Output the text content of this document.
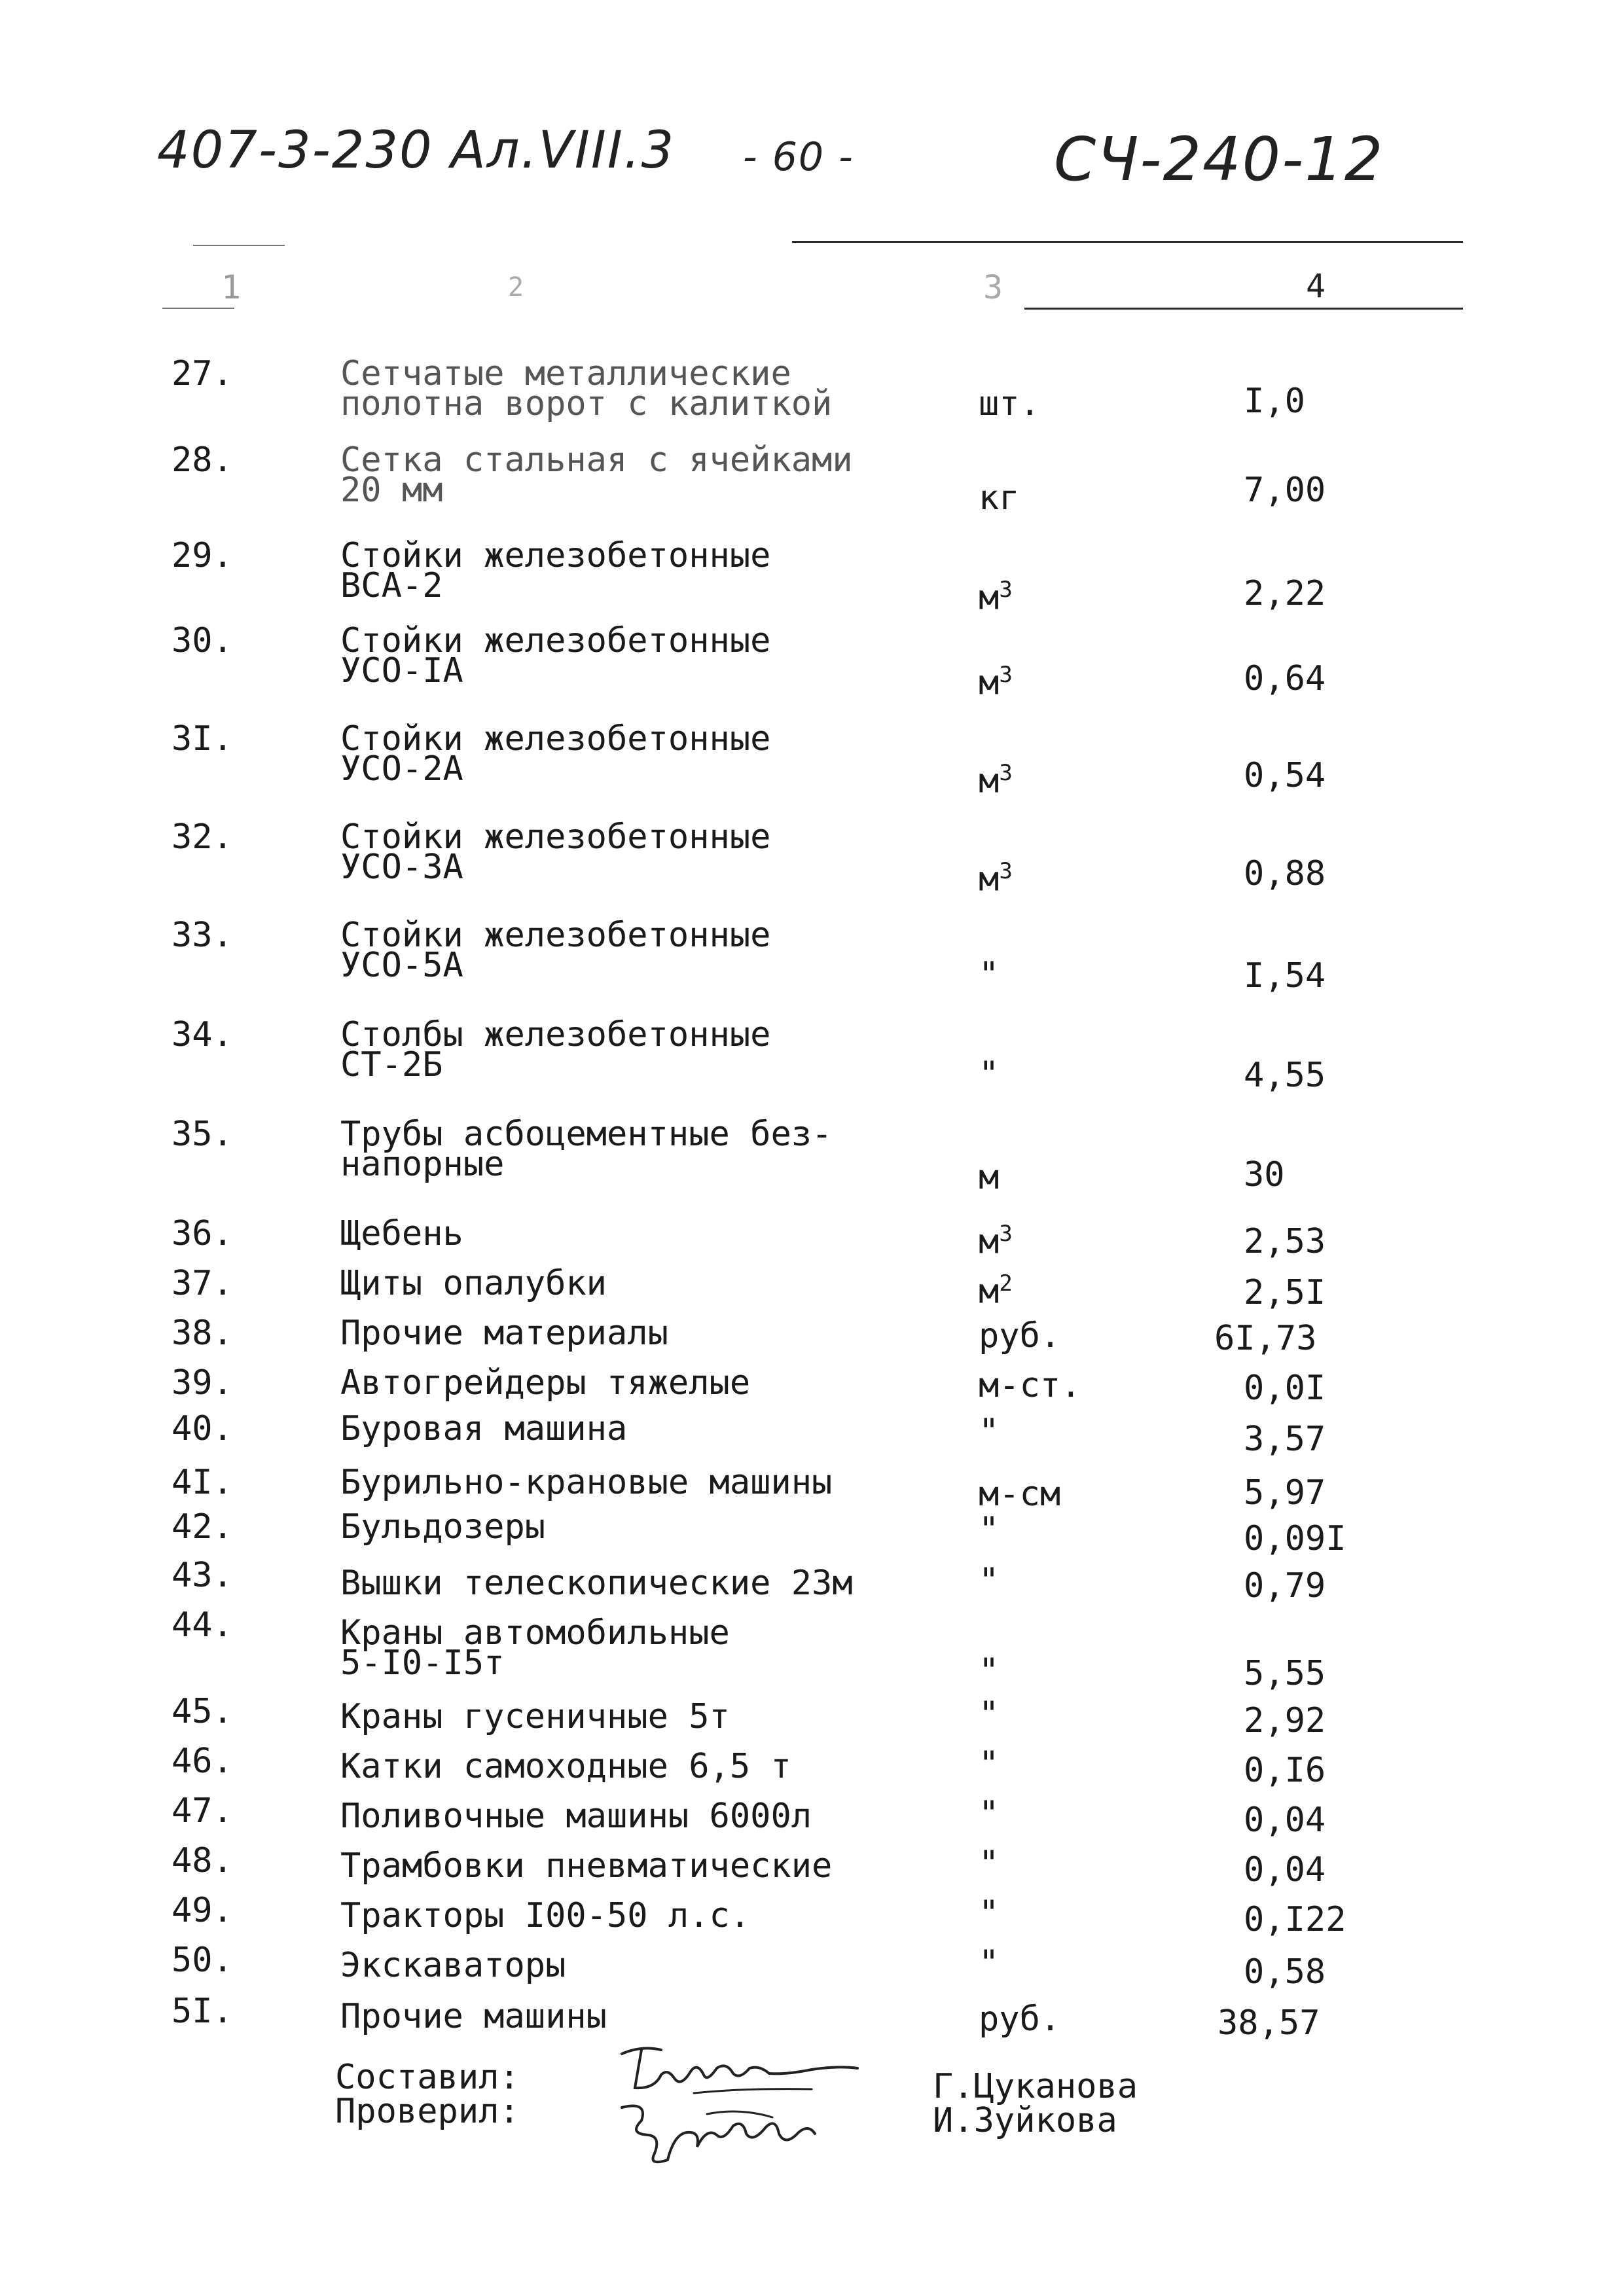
407-3-230 Ал.VIII.3 - 60 -	СЧ-240-12
1	2	3	4
27.	Сетчатые металлические
полотна ворот с калиткой	шт.	I,0
28.	Сетка стальная с ячейками
20 мм	кг	7,00
29.	Стойки железобетонные
ВСА-2	$м^3$	2,22
30.	Стойки железобетонные
УСО-IA	$м^3$	0,64
3I.	Стойки железобетонные
УСО-2А	$м^3$	0,54
32.	Стойки железобетонные
УСО-3А	$м^3$	0,88
33.	Стойки железобетонные
УСО-5А	"	I,54
34.	Столбы железобетонные
СТ-2Б	"	4,55
35.	Трубы асбоцементные без-
напорные	м	30
36.	Щебень	$м^3$	2,53
37.	Щиты опалубки	$м^2$	2,5I
38.	Прочие материалы	руб.	6I,73
39.	Автогрейдеры тяжелые	м-ст.	0,0I
40.	Буровая машина	"	3,57
4I.	Бурильно-крановые машины	м-см	5,97
42.	Бульдозеры	"	0,09I
43.	Вышки телескопические 23м	"	0,79
44.	Краны автомобильные
5-I0-I5т	"	5,55
45.	Краны гусеничные 5т	"	2,92
46.	Катки самоходные 6,5 т	"	0,I6
47.	Поливочные машины 6000л	"	0,04
48.	Трамбовки пневматические	"	0,04
49.	Тракторы I00-50 л.с.	"	0,I22
50.	Экскаваторы	"	0,58
5I.	Прочие машины	руб.	38,57
Составил:
Проверил:
Г.Цуканова
И.Зуйкова
